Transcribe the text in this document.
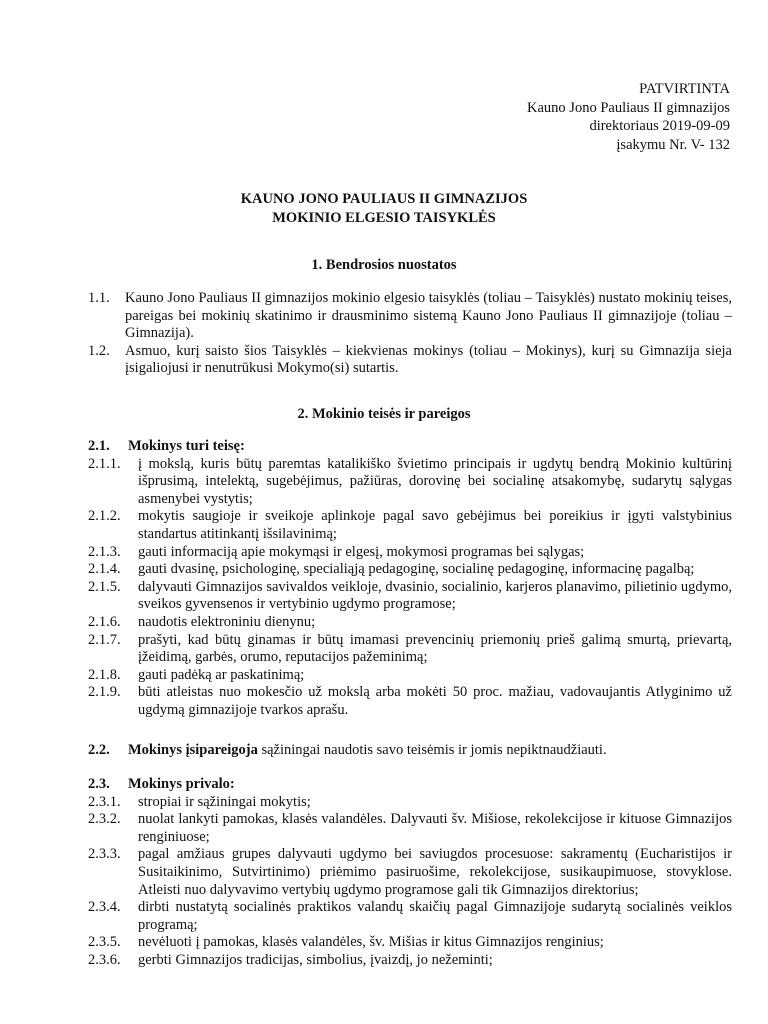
PATVIRTINTA
Kauno Jono Pauliaus II gimnazijos
direktoriaus 2019-09-09
įsakymu Nr. V- 132
KAUNO JONO PAULIAUS II GIMNAZIJOS
MOKINIO ELGESIO TAISYKLĖS
1. Bendrosios nuostatos
1.1.	Kauno Jono Pauliaus II gimnazijos mokinio elgesio taisyklės (toliau – Taisyklės) nustato mokinių teises, pareigas bei mokinių skatinimo ir drausminimo sistemą Kauno Jono Pauliaus II gimnazijoje (toliau – Gimnazija).
1.2.	Asmuo, kurį saisto šios Taisyklės – kiekvienas mokinys (toliau – Mokinys), kurį su Gimnazija sieja įsigaliojusi ir nenutrūkusi Mokymo(si) sutartis.
2. Mokinio teisės ir pareigos
2.1.	Mokinys turi teisę:
2.1.1.	į mokslą, kuris būtų paremtas katalikiško švietimo principais ir ugdytų bendrą Mokinio kultūrinį išprusimą, intelektą, sugebėjimus, pažiūras, dorovinę bei socialinę atsakomybę, sudarytų sąlygas asmenybei vystytis;
2.1.2.	mokytis saugioje ir sveikoje aplinkoje pagal savo gebėjimus bei poreikius ir įgyti valstybinius standartus atitinkantį išsilavinimą;
2.1.3.	gauti informaciją apie mokymąsi ir elgesį, mokymosi programas bei sąlygas;
2.1.4.	gauti dvasinę, psichologinę, specialiąją pedagoginę, socialinę pedagoginę, informacinę pagalbą;
2.1.5.	dalyvauti Gimnazijos savivaldos veikloje, dvasinio, socialinio, karjeros planavimo, pilietinio ugdymo, sveikos gyvensenos ir vertybinio ugdymo programose;
2.1.6.	naudotis elektroniniu dienynu;
2.1.7.	prašyti, kad būtų ginamas ir būtų imamasi prevencinių priemonių prieš galimą smurtą, prievartą, įžeidimą, garbės, orumo, reputacijos pažeminimą;
2.1.8.	gauti padėką ar paskatinimą;
2.1.9.	būti atleistas nuo mokesčio už mokslą arba mokėti 50 proc. mažiau, vadovaujantis Atlyginimo už ugdymą gimnazijoje tvarkos aprašu.
2.2.	Mokinys įsipareigoja sąžiningai naudotis savo teisėmis ir jomis nepiktnaudžiauti.
2.3.	Mokinys privalo:
2.3.1.	stropiai ir sąžiningai mokytis;
2.3.2.	nuolat lankyti pamokas, klasės valandėles. Dalyvauti šv. Mišiose, rekolekcijose ir kituose Gimnazijos renginiuose;
2.3.3.	pagal amžiaus grupes dalyvauti ugdymo bei saviugdos procesuose: sakramentų (Eucharistijos ir Susitaikinimo, Sutvirtinimo) priėmimo pasiruošime, rekolekcijose, susikaupimuose, stovyklose. Atleisti nuo dalyvavimo vertybių ugdymo programose gali tik Gimnazijos direktorius;
2.3.4.	dirbti nustatytą socialinės praktikos valandų skaičių pagal Gimnazijoje sudarytą socialinės veiklos programą;
2.3.5.	nevėluoti į pamokas, klasės valandėles, šv. Mišias ir kitus Gimnazijos renginius;
2.3.6.	gerbti Gimnazijos tradicijas, simbolius, įvaizdį, jo nežeminti;
